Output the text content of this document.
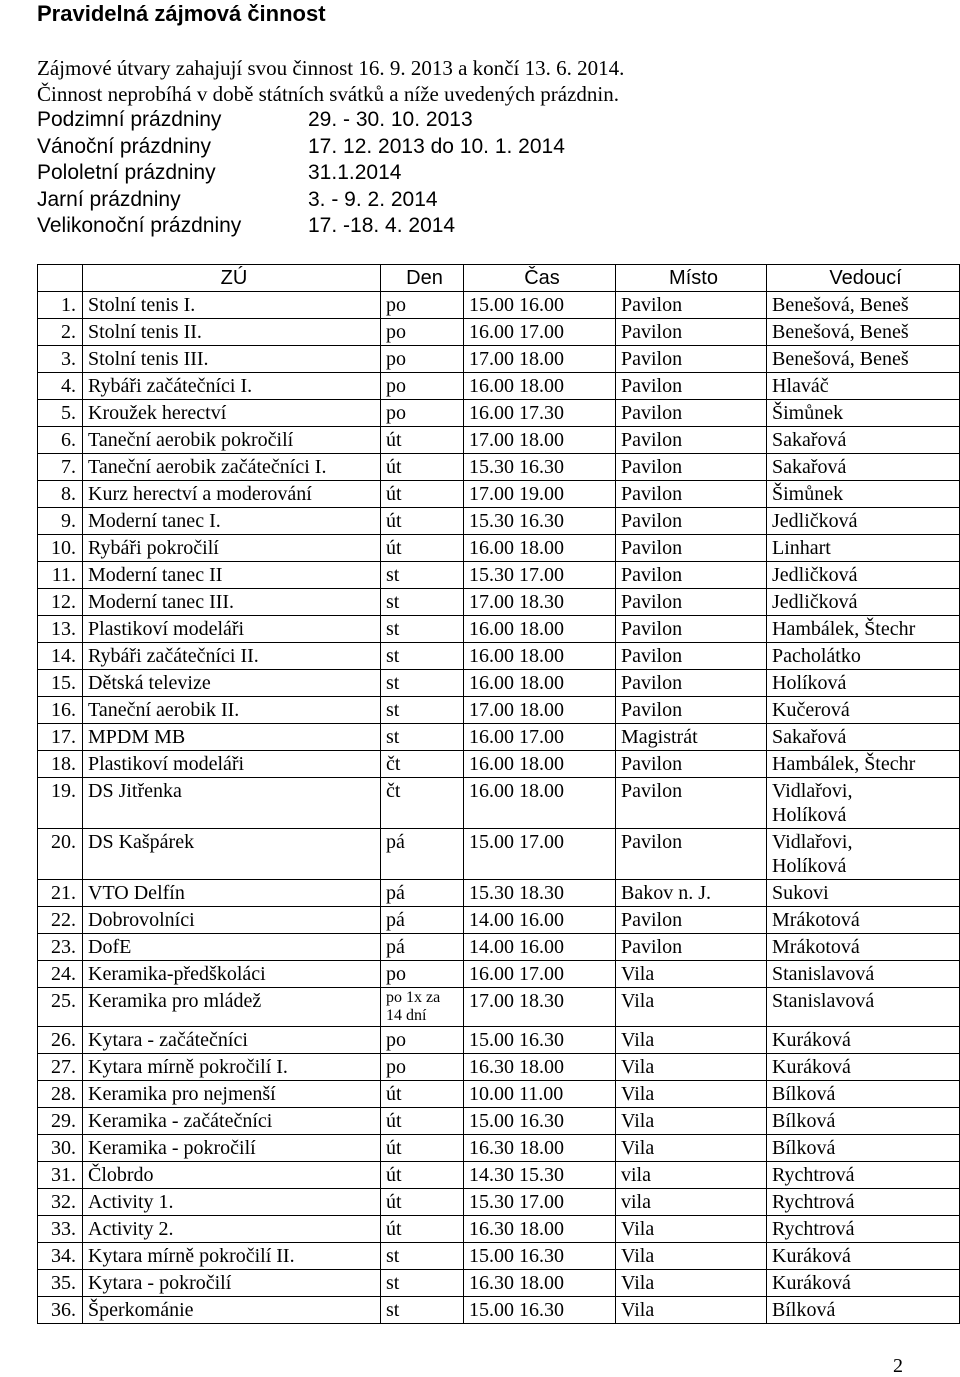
Pravidelná zájmová činnost
Zájmové útvary zahajují svou činnost 16. 9. 2013 a končí 13. 6. 2014.
Činnost neprobíhá v době státních svátků a níže uvedených prázdnin.
Podzimní prázdniny	29. - 30. 10. 2013
Vánoční prázdniny	17. 12. 2013 do 10. 1. 2014
Pololetní prázdniny	31.1.2014
Jarní prázdniny	3. - 9. 2. 2014
Velikonoční prázdniny	17. -18. 4. 2014
	ZÚ	Den	Čas	Místo	Vedoucí
1.	Stolní tenis I.	po	15.00 16.00	Pavilon	Benešová, Beneš
2.	Stolní tenis II.	po	16.00 17.00	Pavilon	Benešová, Beneš
3.	Stolní tenis III.	po	17.00 18.00	Pavilon	Benešová, Beneš
4.	Rybáři začátečníci I.	po	16.00 18.00	Pavilon	Hlaváč
5.	Kroužek herectví	po	16.00 17.30	Pavilon	Šimůnek
6.	Taneční aerobik pokročilí	út	17.00 18.00	Pavilon	Sakařová
7.	Taneční aerobik začátečníci I.	út	15.30 16.30	Pavilon	Sakařová
8.	Kurz herectví a moderování	út	17.00 19.00	Pavilon	Šimůnek
9.	Moderní tanec I.	út	15.30 16.30	Pavilon	Jedličková
10.	Rybáři pokročilí	út	16.00 18.00	Pavilon	Linhart
11.	Moderní tanec II	st	15.30 17.00	Pavilon	Jedličková
12.	Moderní tanec III.	st	17.00 18.30	Pavilon	Jedličková
13.	Plastikoví modeláři	st	16.00 18.00	Pavilon	Hambálek, Štechr
14.	Rybáři začátečníci II.	st	16.00 18.00	Pavilon	Pacholátko
15.	Dětská televize	st	16.00 18.00	Pavilon	Holíková
16.	Taneční aerobik II.	st	17.00 18.00	Pavilon	Kučerová
17.	MPDM MB	st	16.00 17.00	Magistrát	Sakařová
18.	Plastikoví modeláři	čt	16.00 18.00	Pavilon	Hambálek, Štechr
19.	DS Jitřenka	čt	16.00 18.00	Pavilon	Vidlařovi,
Holíková
20.	DS Kašpárek	pá	15.00 17.00	Pavilon	Vidlařovi,
Holíková
21.	VTO Delfín	pá	15.30 18.30	Bakov n. J.	Sukovi
22.	Dobrovolníci	pá	14.00 16.00	Pavilon	Mrákotová
23.	DofE	pá	14.00 16.00	Pavilon	Mrákotová
24.	Keramika-předškoláci	po	16.00 17.00	Vila	Stanislavová
25.	Keramika pro mládež	po 1x za
14 dní	17.00 18.30	Vila	Stanislavová
26.	Kytara - začátečníci	po	15.00 16.30	Vila	Kuráková
27.	Kytara mírně pokročilí I.	po	16.30 18.00	Vila	Kuráková
28.	Keramika pro nejmenší	út	10.00 11.00	Vila	Bílková
29.	Keramika - začátečníci	út	15.00 16.30	Vila	Bílková
30.	Keramika - pokročilí	út	16.30 18.00	Vila	Bílková
31.	Člobrdo	út	14.30 15.30	vila	Rychtrová
32.	Activity 1.	út	15.30 17.00	vila	Rychtrová
33.	Activity 2.	út	16.30 18.00	Vila	Rychtrová
34.	Kytara mírně pokročilí II.	st	15.00 16.30	Vila	Kuráková
35.	Kytara - pokročilí	st	16.30 18.00	Vila	Kuráková
36.	Šperkománie	st	15.00 16.30	Vila	Bílková
2
